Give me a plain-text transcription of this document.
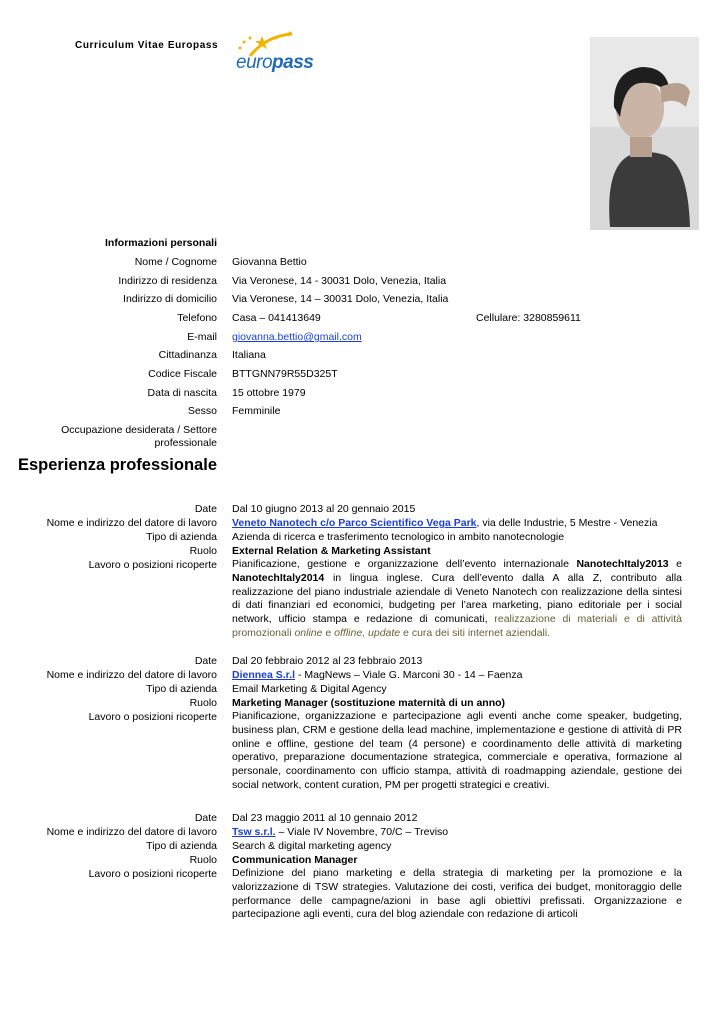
Curriculum Vitae Europass
europass
Informazioni personali
Nome / Cognome Giovanna Bettio
Indirizzo di residenza Via Veronese, 14 - 30031 Dolo, Venezia, Italia
Indirizzo di domicilio Via Veronese, 14 – 30031 Dolo, Venezia, Italia
Telefono Casa – 041413649	Cellulare: 3280859611
E-mail giovanna.bettio@gmail.com
Cittadinanza Italiana
Codice Fiscale BTTGNN79R55D325T
Data di nascita 15 ottobre 1979
Sesso Femminile
Occupazione desiderata / Settore
professionale
Esperienza professionale
Date Dal 10 giugno 2013 al 20 gennaio 2015
Nome e indirizzo del datore di lavoro Veneto Nanotech c/o Parco Scientifico Vega Park, via delle Industrie, 5 Mestre - Venezia
Tipo di azienda Azienda di ricerca e trasferimento tecnologico in ambito nanotecnologie
Ruolo External Relation & Marketing Assistant
Lavoro o posizioni ricoperte Pianificazione, gestione e organizzazione dell’evento internazionale NanotechItaly2013 e NanotechItaly2014 in lingua inglese. Cura dell’evento dalla A alla Z, contributo alla realizzazione del piano industriale aziendale di Veneto Nanotech con realizzazione della sintesi di dati finanziari ed economici, budgeting per l’area marketing, piano editoriale per i social network, ufficio stampa e redazione di comunicati, realizzazione di materiali e di attività promozionali online e offline, update e cura dei siti internet aziendali.
Date Dal 20 febbraio 2012 al 23 febbraio 2013
Nome e indirizzo del datore di lavoro Diennea S.r.l - MagNews – Viale G. Marconi 30 - 14 – Faenza
Tipo di azienda Email Marketing & Digital Agency
Ruolo Marketing Manager (sostituzione maternità di un anno)
Lavoro o posizioni ricoperte Pianificazione, organizzazione e partecipazione agli eventi anche come speaker, budgeting, business plan, CRM e gestione della lead machine, implementazione e gestione di attività di PR online e offline, gestione del team (4 persone) e coordinamento delle attività di marketing operativo, preparazione documentazione strategica, commerciale e operativa, formazione al personale, coordinamento con ufficio stampa, attività di roadmapping aziendale, gestione dei social network, content curation, PM per progetti strategici e creativi.
Date Dal 23 maggio 2011 al 10 gennaio 2012
Nome e indirizzo del datore di lavoro Tsw s.r.l. – Viale IV Novembre, 70/C – Treviso
Tipo di azienda Search & digital marketing agency
Ruolo Communication Manager
Lavoro o posizioni ricoperte Definizione del piano marketing e della strategia di marketing per la promozione e la valorizzazione di TSW strategies. Valutazione dei costi, verifica dei budget, monitoraggio delle performance delle campagne/azioni in base agli obiettivi prefissati. Organizzazione e partecipazione agli eventi, cura del blog aziendale con redazione di articoli
